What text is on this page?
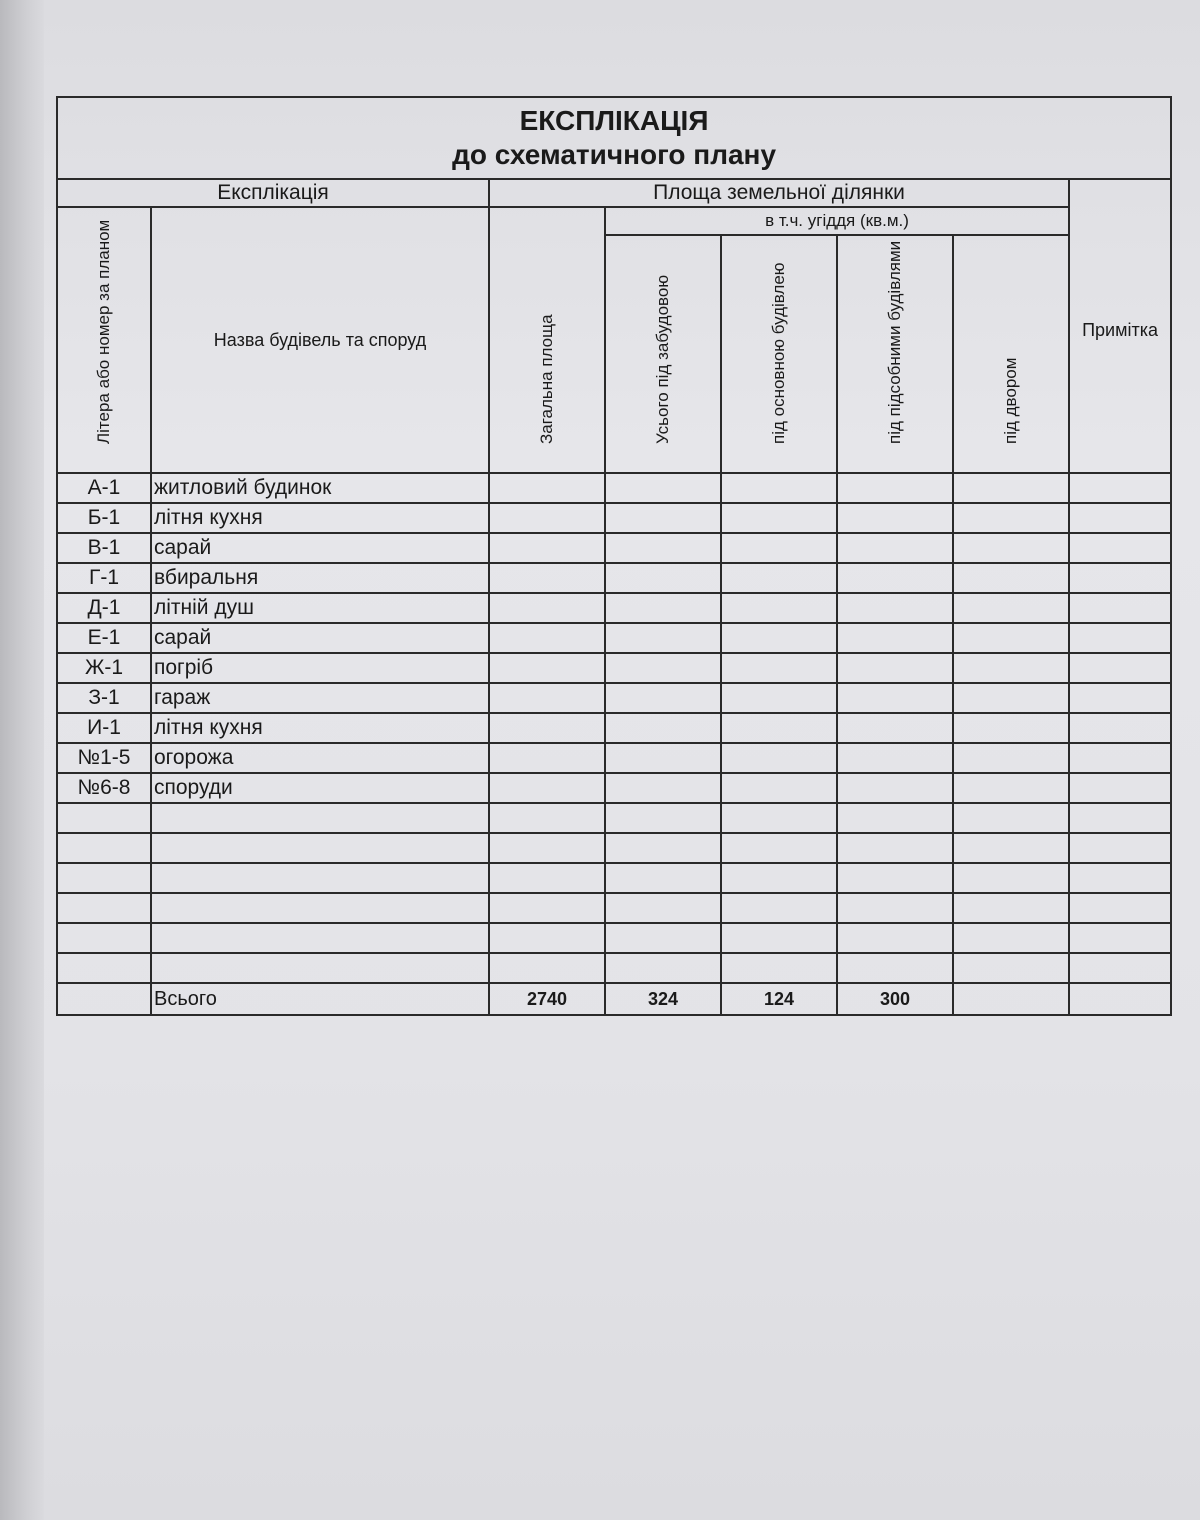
ЕКСПЛІКАЦІЯ
до схематичного плану							

Експлікація		Площа земельної ділянки					Примітка

Літера або номер за планом	Назва будівель та споруд	Загальна площа	в т.ч. угіддя (кв.м.)				

			Усього під забудовою	під основною будівлею	під підсобними будівлями	під двором	

А-1	житловий будинок						
Б-1	літня кухня						
В-1	сарай						
Г-1	вбиральня						
Д-1	літній душ						
Е-1	сарай						
Ж-1	погріб						
З-1	гараж						
И-1	літня кухня						
№1-5	огорожа						
№6-8	споруди						

	Всього	2740	324	124	300		
